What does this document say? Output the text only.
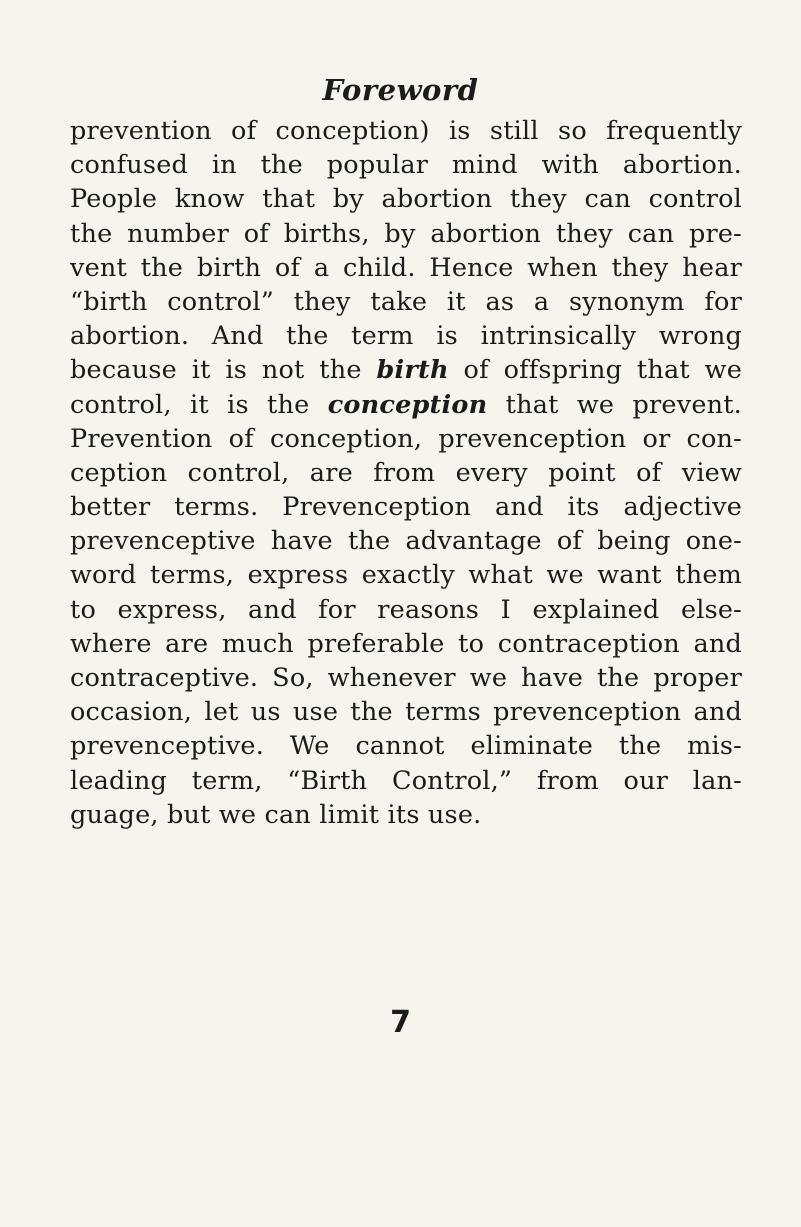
Foreword
prevention of conception) is still so frequently
confused in the popular mind with abortion.
People know that by abortion they can control
the number of births, by abortion they can pre-
vent the birth of a child. Hence when they hear
“birth control” they take it as a synonym for
abortion. And the term is intrinsically wrong
because it is not the birth of offspring that we
control, it is the conception that we prevent.
Prevention of conception, prevenception or con-
ception control, are from every point of view
better terms. Prevenception and its adjective
prevenceptive have the advantage of being one-
word terms, express exactly what we want them
to express, and for reasons I explained else-
where are much preferable to contraception and
contraceptive. So, whenever we have the proper
occasion, let us use the terms prevenception and
prevenceptive. We cannot eliminate the mis-
leading term, “Birth Control,” from our lan-
guage, but we can limit its use.
7
